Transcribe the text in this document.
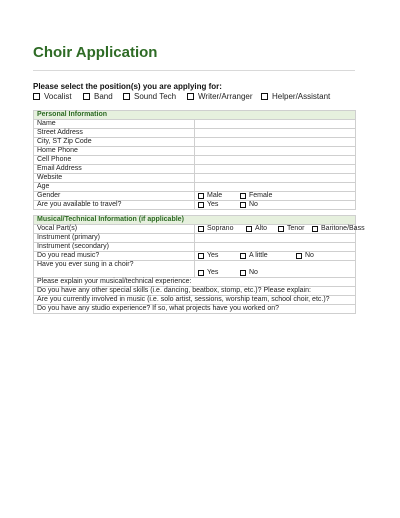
Choir Application
Please select the position(s) you are applying for:
Vocalist	Band	Sound Tech	Writer/Arranger Helper/Assistant
Personal Information	
Name	
Street Address	
City, ST Zip Code	
Home Phone	
Cell Phone	
Email Address	
Website	
Age	
Gender	Male Female

Are you available to travel?	Yes No
Musical/Technical Information (if applicable)	
Vocal Part(s)	Soprano Alto Tenor Baritone/Bass

Instrument (primary)	
Instrument (secondary)	
Do you read music?	Yes A little No

Have you ever sung in a choir?	Yes No

Please explain your musical/technical experience:	
Do you have any other special skills (i.e. dancing, beatbox, stomp, etc.)? Please explain:	
Are you currently involved in music (i.e. solo artist, sessions, worship team, school choir, etc.)?	
Do you have any studio experience? If so, what projects have you worked on?	
